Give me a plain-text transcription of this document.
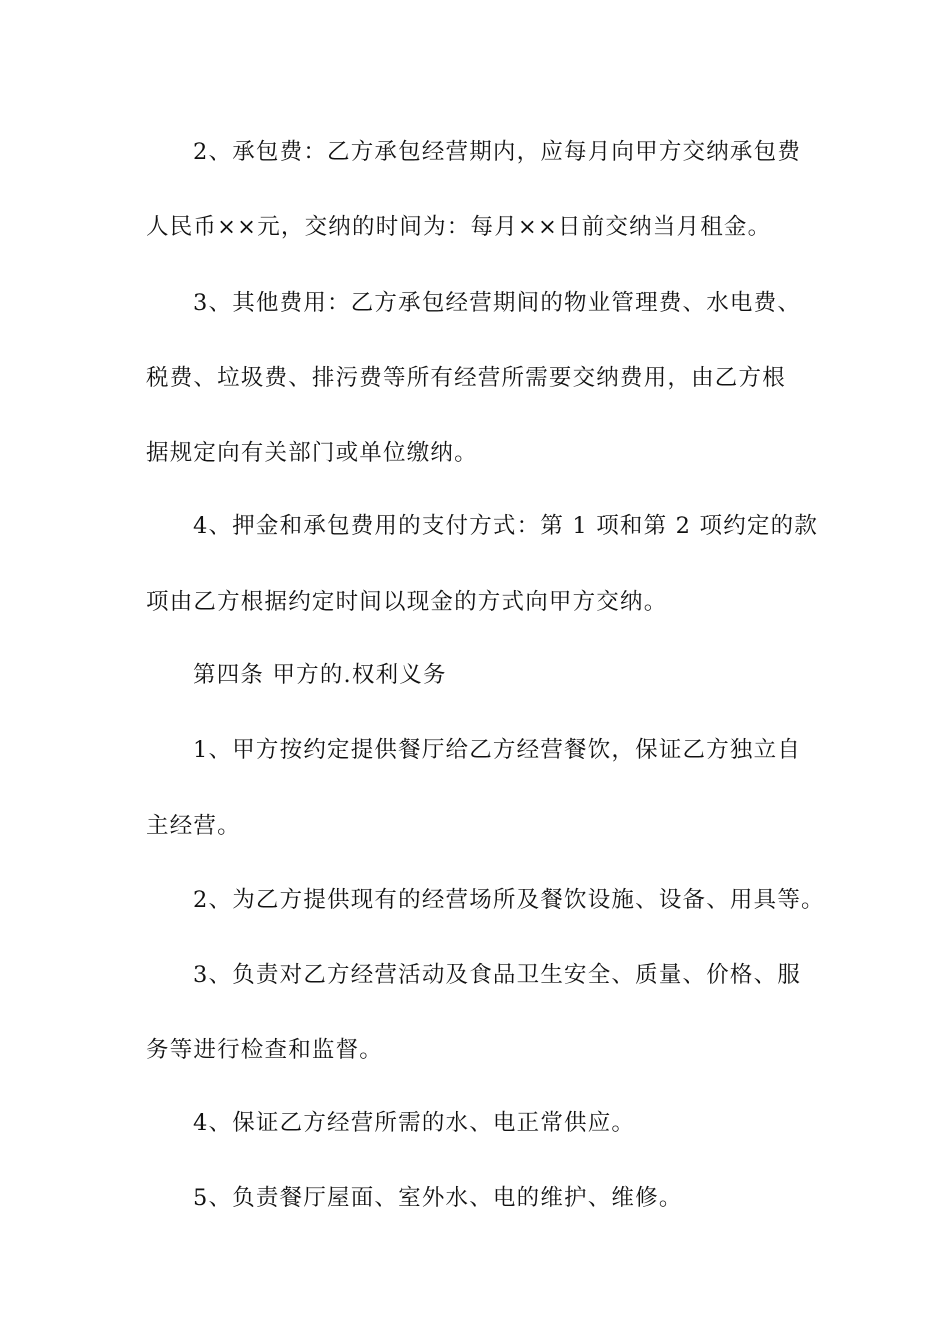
2、承包费：乙方承包经营期内，应每月向甲方交纳承包费
人民币××元，交纳的时间为：每月××日前交纳当月租金。
3、其他费用：乙方承包经营期间的物业管理费、水电费、
税费、垃圾费、排污费等所有经营所需要交纳费用，由乙方根
据规定向有关部门或单位缴纳。
4、押金和承包费用的支付方式：第 1 项和第 2 项约定的款
项由乙方根据约定时间以现金的方式向甲方交纳。
第四条 甲方的.权利义务
1、甲方按约定提供餐厅给乙方经营餐饮，保证乙方独立自
主经营。
2、为乙方提供现有的经营场所及餐饮设施、设备、用具等。
3、负责对乙方经营活动及食品卫生安全、质量、价格、服
务等进行检查和监督。
4、保证乙方经营所需的水、电正常供应。
5、负责餐厅屋面、室外水、电的维护、维修。
